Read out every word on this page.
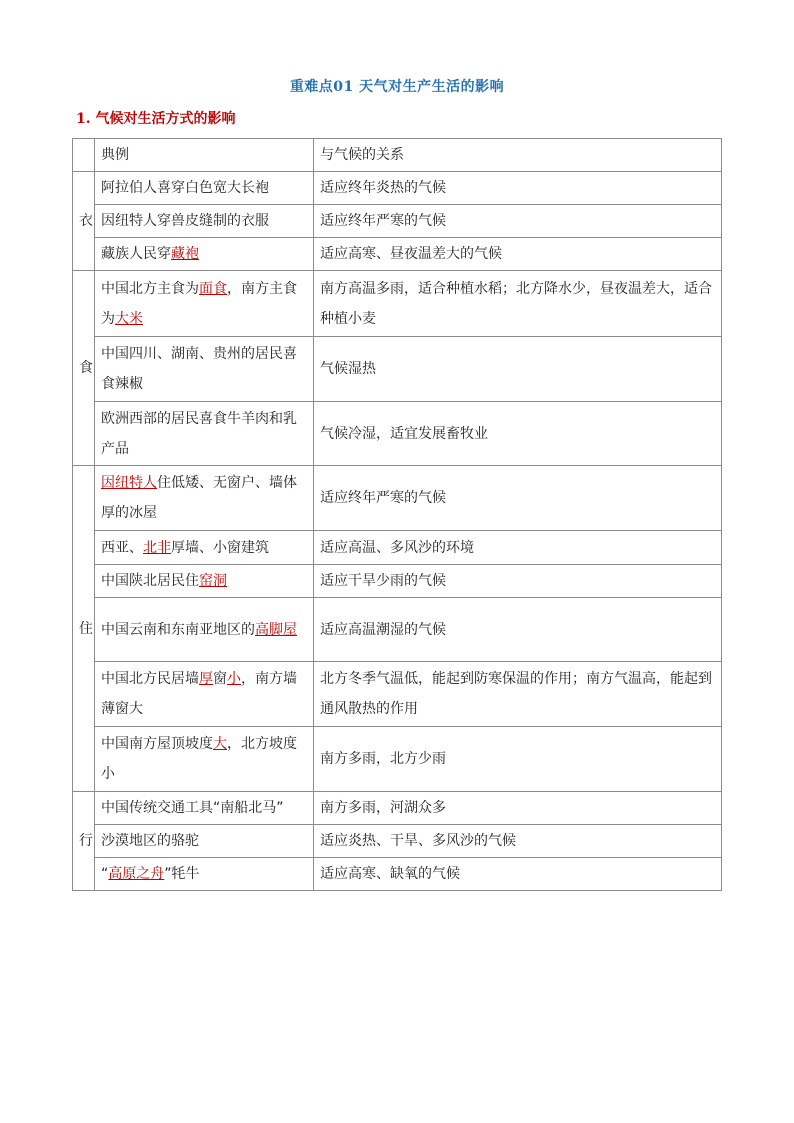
重难点01 天气对生产生活的影响
1. 气候对生活方式的影响
	典例	与气候的关系
衣	阿拉伯人喜穿白色宽大长袍	适应终年炎热的气候
	因纽特人穿兽皮缝制的衣服	适应终年严寒的气候
	藏族人民穿藏袍	适应高寒、昼夜温差大的气候
食	中国北方主食为面食，南方主食为大米	南方高温多雨，适合种植水稻；北方降水少，昼夜温差大，适合种植小麦
	中国四川、湖南、贵州的居民喜食辣椒	气候湿热
	欧洲西部的居民喜食牛羊肉和乳产品	气候冷湿，适宜发展畜牧业
住	因纽特人住低矮、无窗户、墙体厚的冰屋	适应终年严寒的气候
	西亚、北非厚墙、小窗建筑	适应高温、多风沙的环境
	中国陕北居民住窑洞	适应干旱少雨的气候
	中国云南和东南亚地区的高脚屋	适应高温潮湿的气候
	中国北方民居墙厚窗小，南方墙薄窗大	北方冬季气温低，能起到防寒保温的作用；南方气温高，能起到通风散热的作用
	中国南方屋顶坡度大，北方坡度小	南方多雨，北方少雨
行	中国传统交通工具“南船北马”	南方多雨，河湖众多
	沙漠地区的骆驼	适应炎热、干旱、多风沙的气候
	“高原之舟”牦牛	适应高寒、缺氧的气候
